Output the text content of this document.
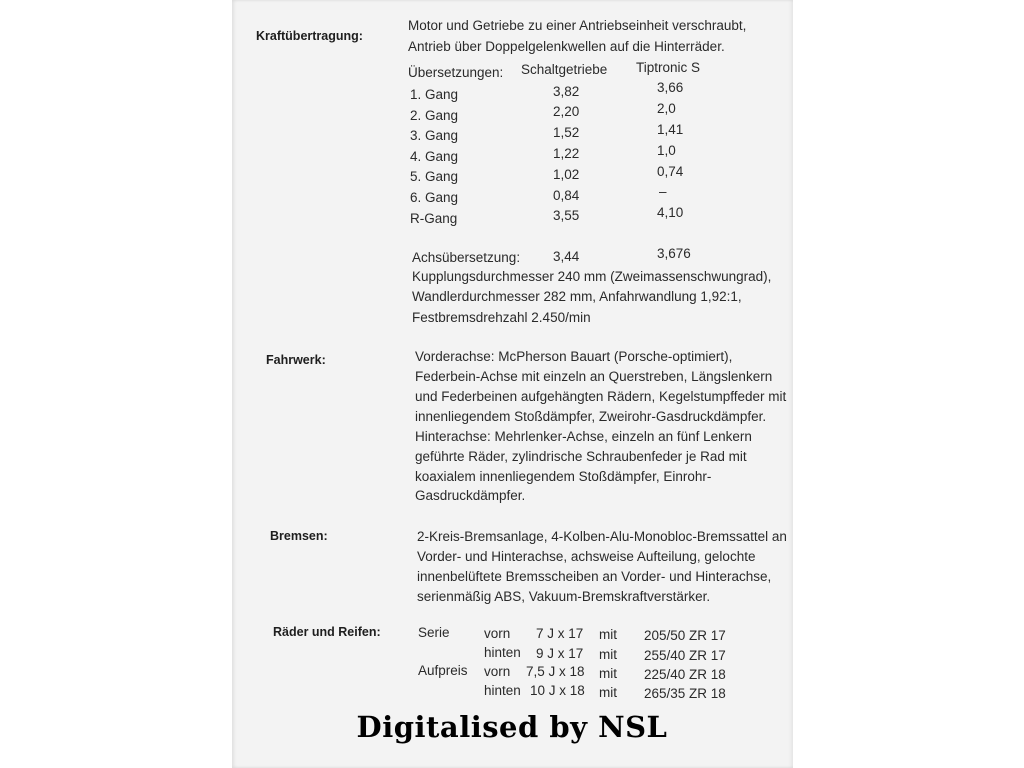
Kraftübertragung:
Motor und Getriebe zu einer Antriebseinheit verschraubt,
Antrieb über Doppelgelenkwellen auf die Hinterräder.
Übersetzungen: Schaltgetriebe Tiptronic S
1. Gang	3,82	3,66
2. Gang	2,20	2,0
3. Gang	1,52	1,41
4. Gang	1,22	1,0
5. Gang	1,02	0,74
6. Gang	0,84	–
R-Gang	3,55	4,10
Achsübersetzung: 3,44	3,676
Kupplungsdurchmesser 240 mm (Zweimassenschwungrad),
Wandlerdurchmesser 282 mm, Anfahrwandlung 1,92:1,
Festbremsdrehzahl 2.450/min
Fahrwerk:	Vorderachse: McPherson Bauart (Porsche-optimiert),
Federbein-Achse mit einzeln an Querstreben, Längslenkern
und Federbeinen aufgehängten Rädern, Kegelstumpffeder mit
innenliegendem Stoßdämpfer, Zweirohr-Gasdruckdämpfer.
Hinterachse: Mehrlenker-Achse, einzeln an fünf Lenkern
geführte Räder, zylindrische Schraubenfeder je Rad mit
koaxialem innenliegendem Stoßdämpfer, Einrohr-
Gasdruckdämpfer.
Bremsen:	2-Kreis-Bremsanlage, 4-Kolben-Alu-Monobloc-Bremssattel an
Vorder- und Hinterachse, achsweise Aufteilung, gelochte
innenbelüftete Bremsscheiben an Vorder- und Hinterachse,
serienmäßig ABS, Vakuum-Bremskraftverstärker.
Räder und Reifen:	Serie	vorn 7 J x 17 mit 205/50 ZR 17
hinten 9 J x 17 mit 255/40 ZR 17
Aufpreis vorn 7,5 J x 18 mit 225/40 ZR 18
hinten 10 J x 18 mit 265/35 ZR 18
Digitalised by NSL
